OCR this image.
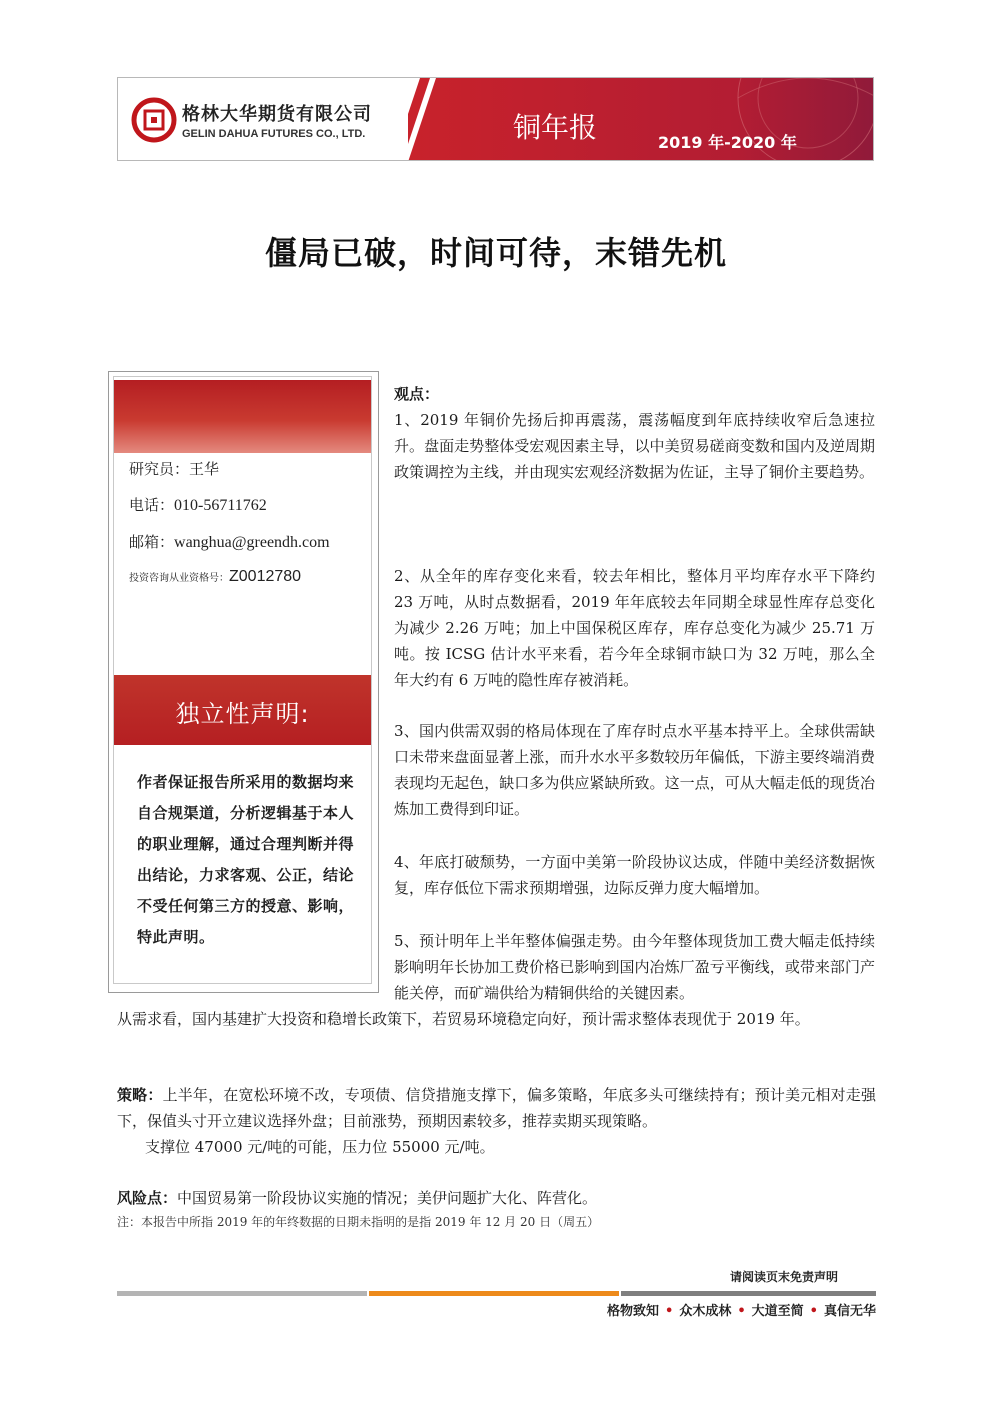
格林大华期货有限公司
GELIN DAHUA FUTURES CO., LTD.	铜年报	2019 年-2020 年
僵局已破，时间可待，末错先机
研究员：王华
电话：010-56711762
邮箱：wanghua@greendh.com
投资咨询从业资格号：Z0012780
独立性声明:
作者保证报告所采用的数据均来自合规渠道，分析逻辑基于本人的职业理解，通过合理判断并得出结论，力求客观、公正，结论不受任何第三方的授意、影响，特此声明。
观点：
1、2019 年铜价先扬后抑再震荡，震荡幅度到年底持续收窄后急速拉升。盘面走势整体受宏观因素主导，以中美贸易磋商变数和国内及逆周期政策调控为主线，并由现实宏观经济数据为佐证，主导了铜价主要趋势。
2、从全年的库存变化来看，较去年相比，整体月平均库存水平下降约 23 万吨，从时点数据看，2019 年年底较去年同期全球显性库存总变化为减少 2.26 万吨；加上中国保税区库存，库存总变化为减少 25.71 万吨。按 ICSG 估计水平来看，若今年全球铜市缺口为 32 万吨，那么全年大约有 6 万吨的隐性库存被消耗。
3、国内供需双弱的格局体现在了库存时点水平基本持平上。全球供需缺口未带来盘面显著上涨，而升水水平多数较历年偏低，下游主要终端消费表现均无起色，缺口多为供应紧缺所致。这一点，可从大幅走低的现货冶炼加工费得到印证。
4、年底打破颓势，一方面中美第一阶段协议达成，伴随中美经济数据恢复，库存低位下需求预期增强，边际反弹力度大幅增加。
5、预计明年上半年整体偏强走势。由今年整体现货加工费大幅走低持续影响明年长协加工费价格已影响到国内冶炼厂盈亏平衡线，或带来部门产能关停，而矿端供给为精铜供给的关键因素。
从需求看，国内基建扩大投资和稳增长政策下，若贸易环境稳定向好，预计需求整体表现优于 2019 年。
策略：上半年，在宽松环境不改，专项债、信贷措施支撑下，偏多策略，年底多头可继续持有；预计美元相对走强下，保值头寸开立建议选择外盘；目前涨势，预期因素较多，推荐卖期买现策略。
支撑位 47000 元/吨的可能，压力位 55000 元/吨。
风险点：中国贸易第一阶段协议实施的情况；美伊问题扩大化、阵营化。
注：本报告中所指 2019 年的年终数据的日期未指明的是指 2019 年 12 月 20 日（周五）
请阅读页末免责声明
格物致知 • 众木成林 • 大道至简 • 真信无华
